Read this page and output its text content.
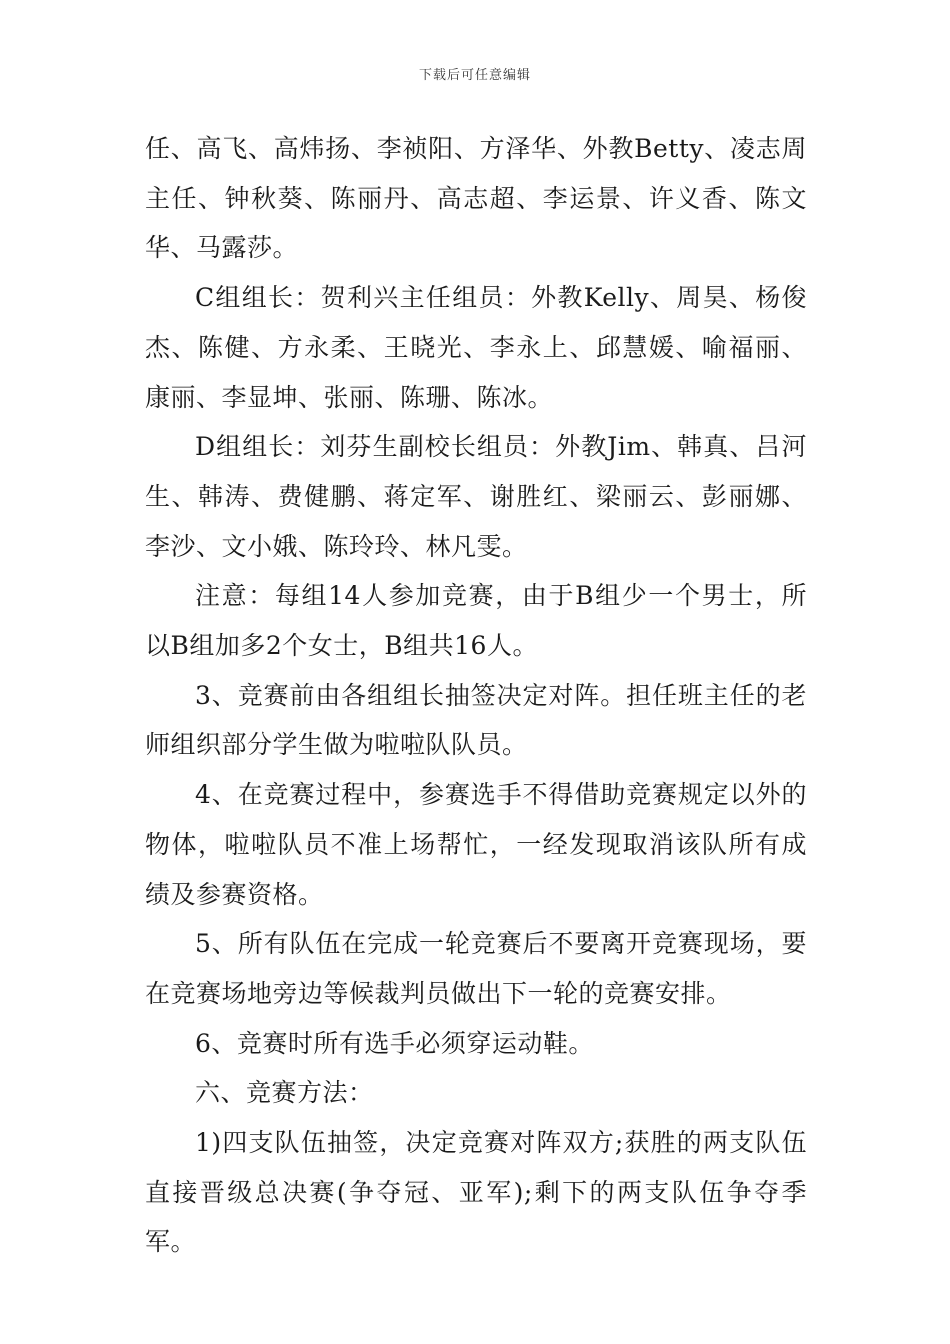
下载后可任意编辑

任、高飞、高炜扬、李祯阳、方泽华、外教Betty、凌志周主任、钟秋葵、陈丽丹、高志超、李运景、许义香、陈文华、马露莎。

C组组长：贺利兴主任组员：外教Kelly、周昊、杨俊杰、陈健、方永柔、王晓光、李永上、邱慧媛、喻福丽、康丽、李显坤、张丽、陈珊、陈冰。

D组组长：刘芬生副校长组员：外教Jim、韩真、吕河生、韩涛、费健鹏、蒋定军、谢胜红、梁丽云、彭丽娜、李沙、文小娥、陈玲玲、林凡雯。

注意：每组14人参加竞赛，由于B组少一个男士，所以B组加多2个女士，B组共16人。

3、竞赛前由各组组长抽签决定对阵。担任班主任的老师组织部分学生做为啦啦队队员。

4、在竞赛过程中，参赛选手不得借助竞赛规定以外的物体，啦啦队员不准上场帮忙，一经发现取消该队所有成绩及参赛资格。

5、所有队伍在完成一轮竞赛后不要离开竞赛现场，要在竞赛场地旁边等候裁判员做出下一轮的竞赛安排。

6、竞赛时所有选手必须穿运动鞋。

六、竞赛方法：

1)四支队伍抽签，决定竞赛对阵双方;获胜的两支队伍直接晋级总决赛(争夺冠、亚军);剩下的两支队伍争夺季军。
